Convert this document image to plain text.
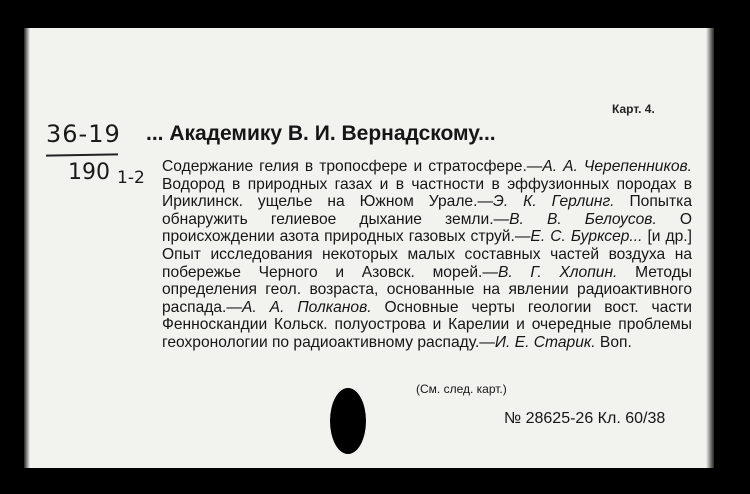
Карт. 4.
36-19
190 1-2
... Академику В. И. Вернадскому...

Содержание гелия в тропосфере и стратосфере.—А. А. Черепенников. Водород в природных газах и в частности в эффузионных породах в Ириклинск. ущелье на Южном Урале.—Э. К. Герлинг. Попытка обнаружить гелиевое дыхание земли.—В. В. Белоусов. О происхождении азота природных газовых струй.—Е. С. Бурксер... [и др.] Опыт исследования некоторых малых составных частей воздуха на побережье Черного и Азовск. морей.—В. Г. Хлопин. Методы определения геол. возраста, основанные на явлении радиоактивного распада.—А. А. Полканов. Основные черты геологии вост. части Фенноскандии Кольск. полуострова и Карелии и очередные проблемы геохронологии по радиоактивному распаду.—И. Е. Старик. Воп.

(См. след. карт.)
№ 28625-26 Кл. 60/38
